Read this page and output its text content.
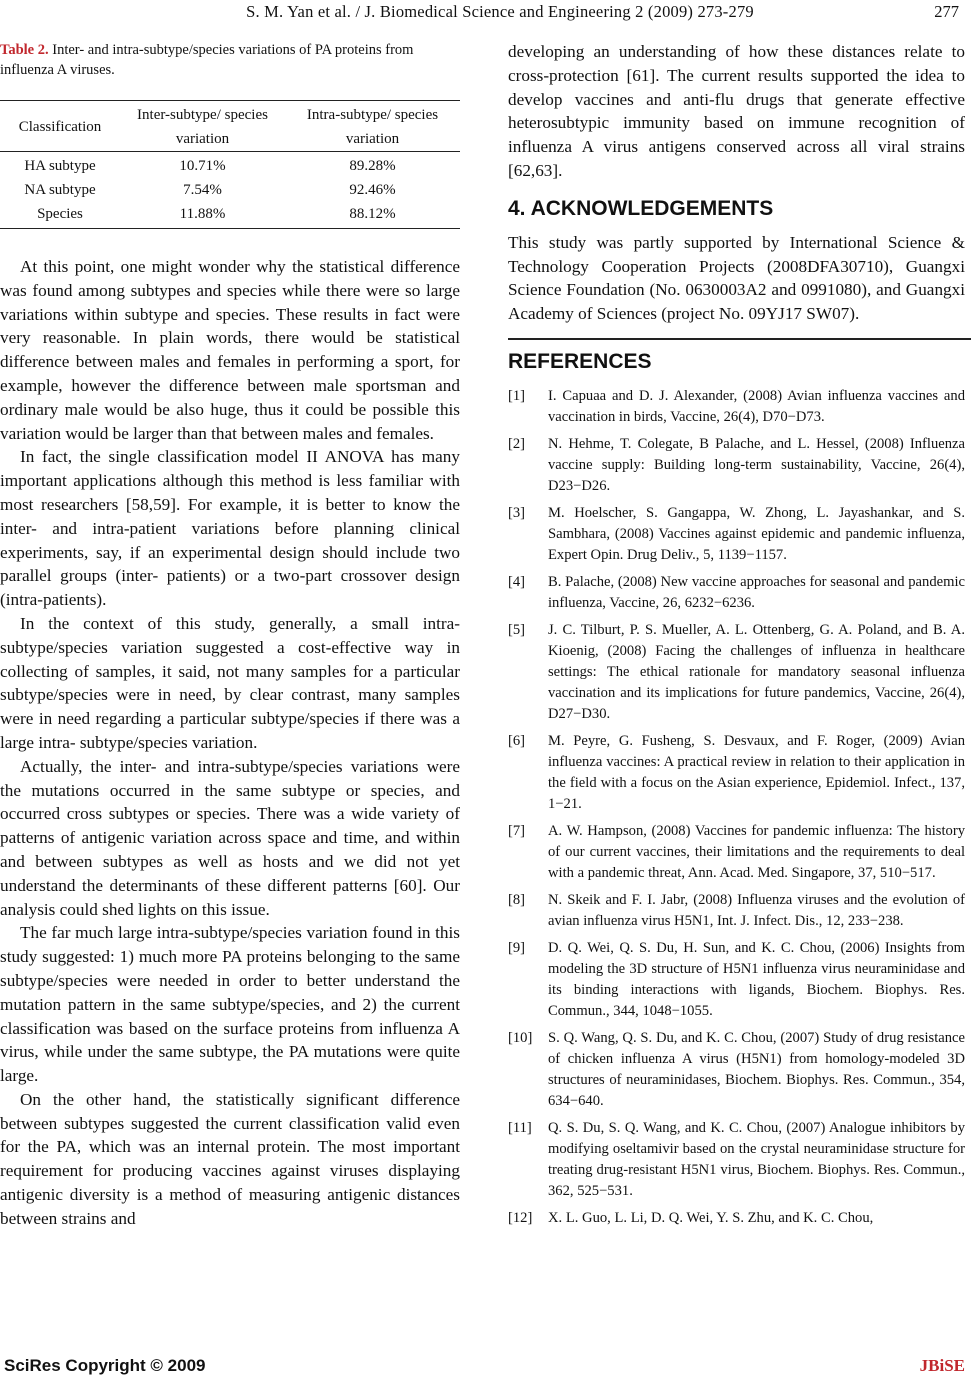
S. M. Yan et al. / J. Biomedical Science and Engineering 2 (2009) 273-279	277
Table 2. Inter- and intra-subtype/species variations of PA proteins from influenza A viruses.
Classification	Inter-subtype/ species variation	Intra-subtype/ species variation
HA subtype	10.71%	89.28%
NA subtype	7.54%	92.46%
Species	11.88%	88.12%

At this point, one might wonder why the statistical difference was found among subtypes and species while there were so large variations within subtype and species. These results in fact were very reasonable. In plain words, there would be statistical difference between males and females in performing a sport, for example, however the difference between male sportsman and ordinary male would be also huge, thus it could be possible this variation would be larger than that between males and females.

In fact, the single classification model II ANOVA has many important applications although this method is less familiar with most researchers [58,59]. For example, it is better to know the inter- and intra-patient variations before planning clinical experiments, say, if an experimental design should include two parallel groups (inter- patients) or a two-part crossover design (intra-patients).

In the context of this study, generally, a small intra-subtype/species variation suggested a cost-effective way in collecting of samples, it said, not many samples for a particular subtype/species were in need, by clear contrast, many samples were in need regarding a particular subtype/species if there was a large intra- subtype/species variation.

Actually, the inter- and intra-subtype/species variations were the mutations occurred in the same subtype or species, and occurred cross subtypes or species. There was a wide variety of patterns of antigenic variation across space and time, and within and between subtypes as well as hosts and we did not yet understand the determinants of these different patterns [60]. Our analysis could shed lights on this issue.

The far much large intra-subtype/species variation found in this study suggested: 1) much more PA proteins belonging to the same subtype/species were needed in order to better understand the mutation pattern in the same subtype/species, and 2) the current classification was based on the surface proteins from influenza A virus, while under the same subtype, the PA mutations were quite large.

On the other hand, the statistically significant difference between subtypes suggested the current classification valid even for the PA, which was an internal protein. The most important requirement for producing vaccines against viruses displaying antigenic diversity is a method of measuring antigenic distances between strains and

developing an understanding of how these distances relate to cross-protection [61]. The current results supported the idea to develop vaccines and anti-flu drugs that generate effective heterosubtypic immunity based on immune recognition of influenza A virus antigens conserved across all viral strains [62,63].

4. ACKNOWLEDGEMENTS

This study was partly supported by International Science & Technology Cooperation Projects (2008DFA30710), Guangxi Science Foundation (No. 0630003A2 and 0991080), and Guangxi Academy of Sciences (project No. 09YJ17 SW07).

REFERENCES
[1]	I. Capuaa and D. J. Alexander, (2008) Avian influenza vaccines and vaccination in birds, Vaccine, 26(4), D70−D73.
[2]	N. Hehme, T. Colegate, B Palache, and L. Hessel, (2008) Influenza vaccine supply: Building long-term sustainability, Vaccine, 26(4), D23−D26.
[3]	M. Hoelscher, S. Gangappa, W. Zhong, L. Jayashankar, and S. Sambhara, (2008) Vaccines against epidemic and pandemic influenza, Expert Opin. Drug Deliv., 5, 1139−1157.
[4]	B. Palache, (2008) New vaccine approaches for seasonal and pandemic influenza, Vaccine, 26, 6232−6236.
[5]	J. C. Tilburt, P. S. Mueller, A. L. Ottenberg, G. A. Poland, and B. A. Kioenig, (2008) Facing the challenges of influenza in healthcare settings: The ethical rationale for mandatory seasonal influenza vaccination and its implications for future pandemics, Vaccine, 26(4), D27−D30.
[6]	M. Peyre, G. Fusheng, S. Desvaux, and F. Roger, (2009) Avian influenza vaccines: A practical review in relation to their application in the field with a focus on the Asian experience, Epidemiol. Infect., 137, 1−21.
[7]	A. W. Hampson, (2008) Vaccines for pandemic influenza: The history of our current vaccines, their limitations and the requirements to deal with a pandemic threat, Ann. Acad. Med. Singapore, 37, 510−517.
[8]	N. Skeik and F. I. Jabr, (2008) Influenza viruses and the evolution of avian influenza virus H5N1, Int. J. Infect. Dis., 12, 233−238.
[9]	D. Q. Wei, Q. S. Du, H. Sun, and K. C. Chou, (2006) Insights from modeling the 3D structure of H5N1 influenza virus neuraminidase and its binding interactions with ligands, Biochem. Biophys. Res. Commun., 344, 1048−1055.
[10]	S. Q. Wang, Q. S. Du, and K. C. Chou, (2007) Study of drug resistance of chicken influenza A virus (H5N1) from homology-modeled 3D structures of neuraminidases, Biochem. Biophys. Res. Commun., 354, 634−640.
[11]	Q. S. Du, S. Q. Wang, and K. C. Chou, (2007) Analogue inhibitors by modifying oseltamivir based on the crystal neuraminidase structure for treating drug-resistant H5N1 virus, Biochem. Biophys. Res. Commun., 362, 525−531.
[12]	X. L. Guo, L. Li, D. Q. Wei, Y. S. Zhu, and K. C. Chou,
SciRes Copyright © 2009	JBiSE
